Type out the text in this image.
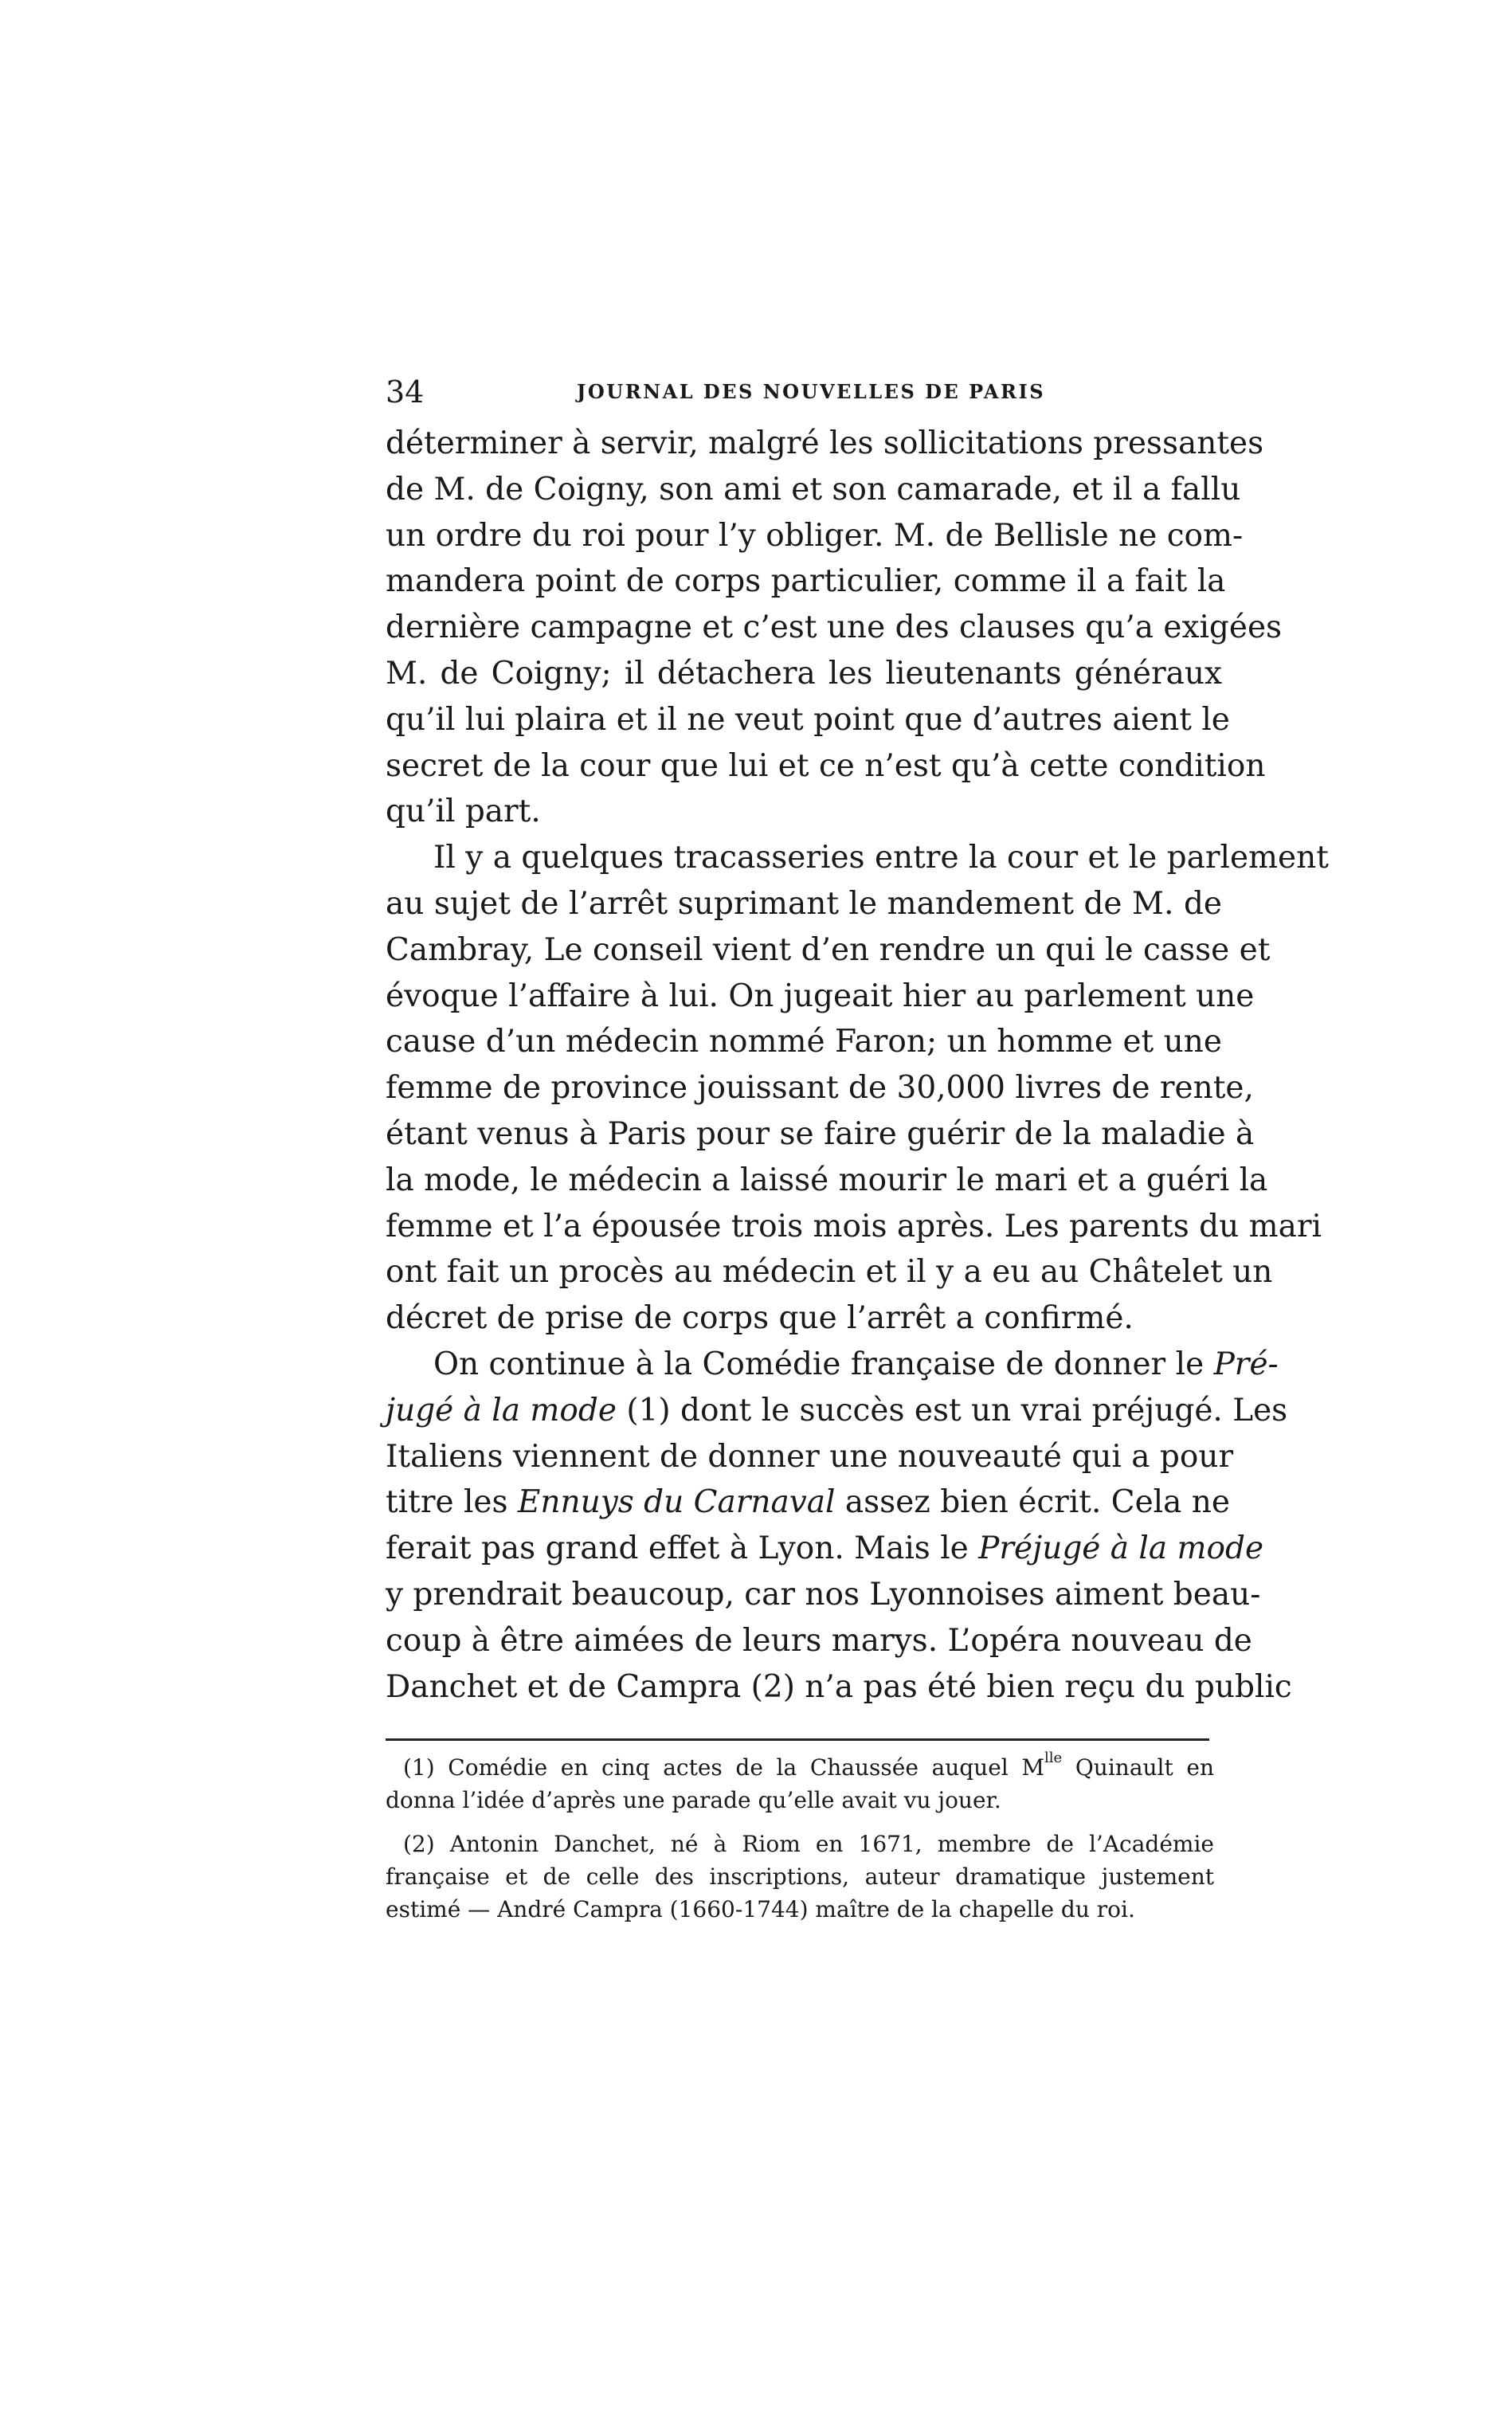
34	JOURNAL DES NOUVELLES DE PARIS
déterminer à servir, malgré les sollicitations pressantes
de M. de Coigny, son ami et son camarade, et il a fallu
un ordre du roi pour l’y obliger. M. de Bellisle ne com-
mandera point de corps particulier, comme il a fait la
dernière campagne et c’est une des clauses qu’a exigées
M. de Coigny; il détachera les lieutenants généraux
qu’il lui plaira et il ne veut point que d’autres aient le
secret de la cour que lui et ce n’est qu’à cette condition
qu’il part.
Il y a quelques tracasseries entre la cour et le parlement
au sujet de l’arrêt suprimant le mandement de M. de
Cambray, Le conseil vient d’en rendre un qui le casse et
évoque l’affaire à lui. On jugeait hier au parlement une
cause d’un médecin nommé Faron; un homme et une
femme de province jouissant de 30,000 livres de rente,
étant venus à Paris pour se faire guérir de la maladie à
la mode, le médecin a laissé mourir le mari et a guéri la
femme et l’a épousée trois mois après. Les parents du mari
ont fait un procès au médecin et il y a eu au Châtelet un
décret de prise de corps que l’arrêt a confirmé.
On continue à la Comédie française de donner le Pré-
jugé à la mode (1) dont le succès est un vrai préjugé. Les
Italiens viennent de donner une nouveauté qui a pour
titre les Ennuys du Carnaval assez bien écrit. Cela ne
ferait pas grand effet à Lyon. Mais le Préjugé à la mode
y prendrait beaucoup, car nos Lyonnoises aiment beau-
coup à être aimées de leurs marys. L’opéra nouveau de
Danchet et de Campra (2) n’a pas été bien reçu du public
(1) Comédie en cinq actes de la Chaussée auquel $M^{lle}$ Quinault en
donna l’idée d’après une parade qu’elle avait vu jouer.
(2) Antonin Danchet, né à Riom en 1671, membre de l’Académie
française et de celle des inscriptions, auteur dramatique justement
estimé — André Campra (1660-1744) maître de la chapelle du roi.
